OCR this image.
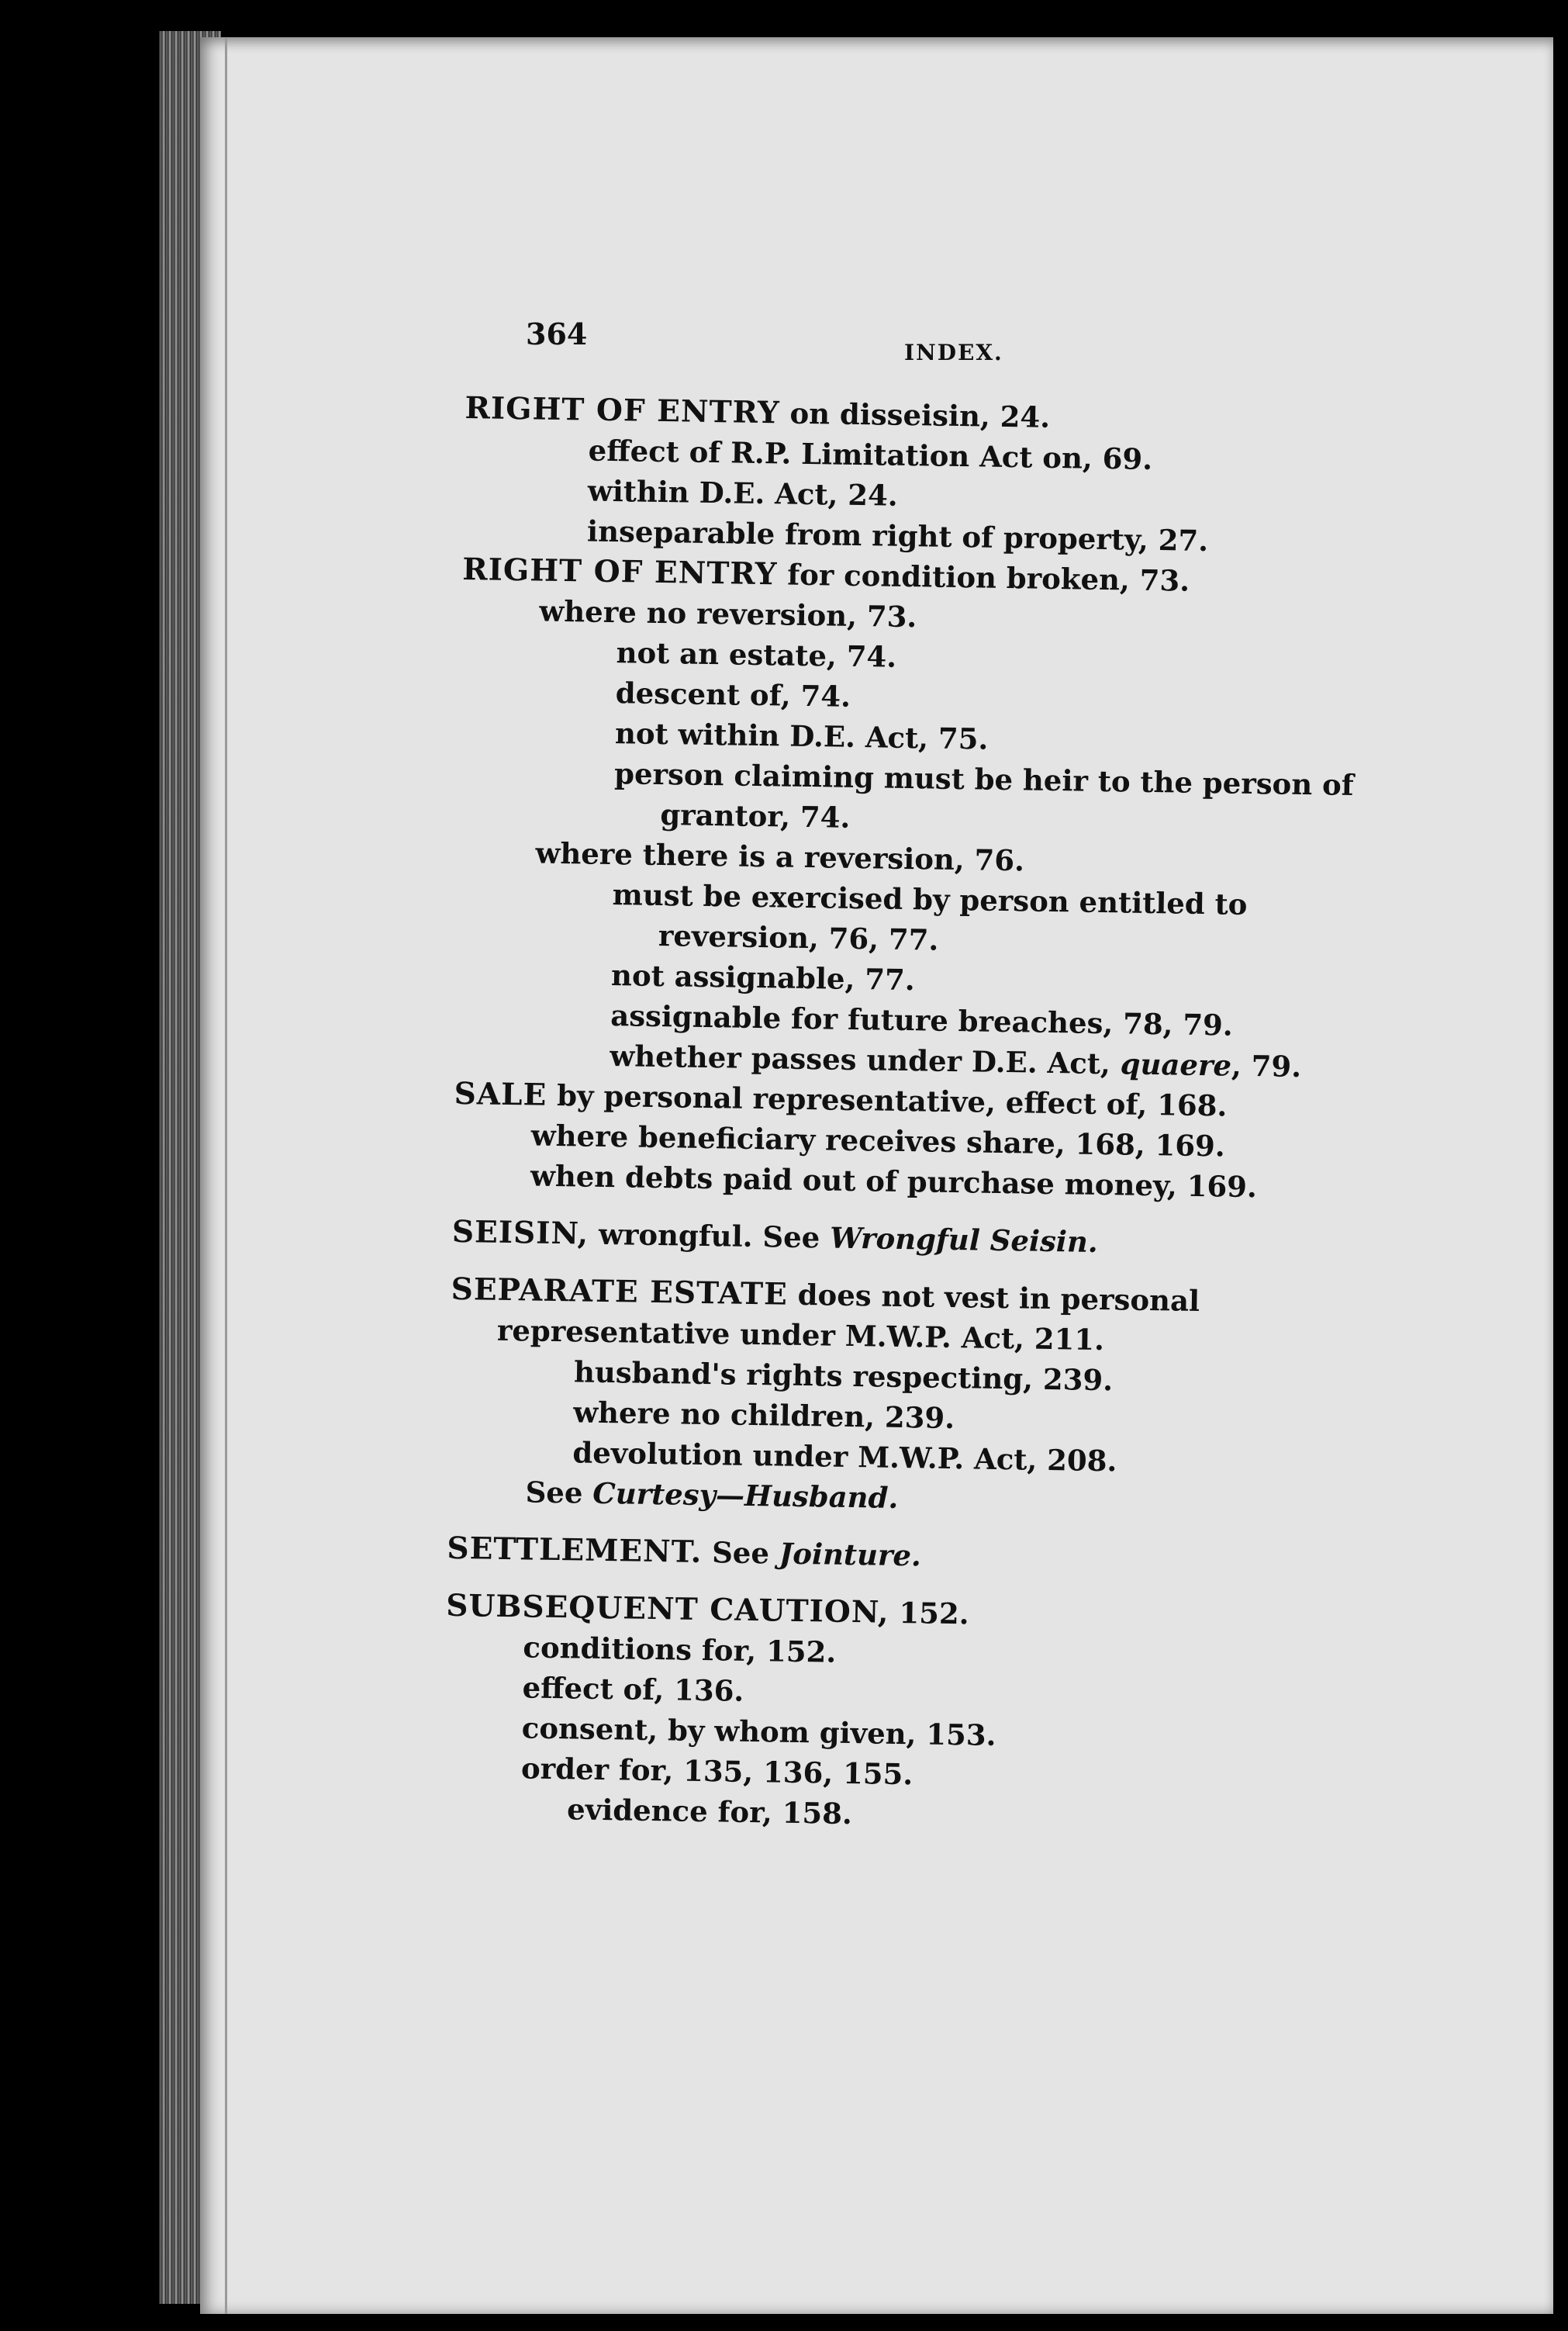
364
INDEX.

RIGHT OF ENTRY on disseisin, 24.

effect of R.P. Limitation Act on, 69.

within D.E. Act, 24.

inseparable from right of property, 27.

RIGHT OF ENTRY for condition broken, 73.

where no reversion, 73.

not an estate, 74.

descent of, 74.

not within D.E. Act, 75.

person claiming must be heir to the person of grantor, 74.

where there is a reversion, 76.

must be exercised by person entitled to reversion, 76, 77.

not assignable, 77.

assignable for future breaches, 78, 79.

whether passes under D.E. Act, quaere, 79.

SALE by personal representative, effect of, 168.

where beneficiary receives share, 168, 169.

when debts paid out of purchase money, 169.

SEISIN, wrongful. See Wrongful Seisin.

SEPARATE ESTATE does not vest in personal representative under M.W.P. Act, 211.

husband's rights respecting, 239.

where no children, 239.

devolution under M.W.P. Act, 208.

See Curtesy—Husband.

SETTLEMENT. See Jointure.

SUBSEQUENT CAUTION, 152.

conditions for, 152.

effect of, 136.

consent, by whom given, 153.

order for, 135, 136, 155.

evidence for, 158.
